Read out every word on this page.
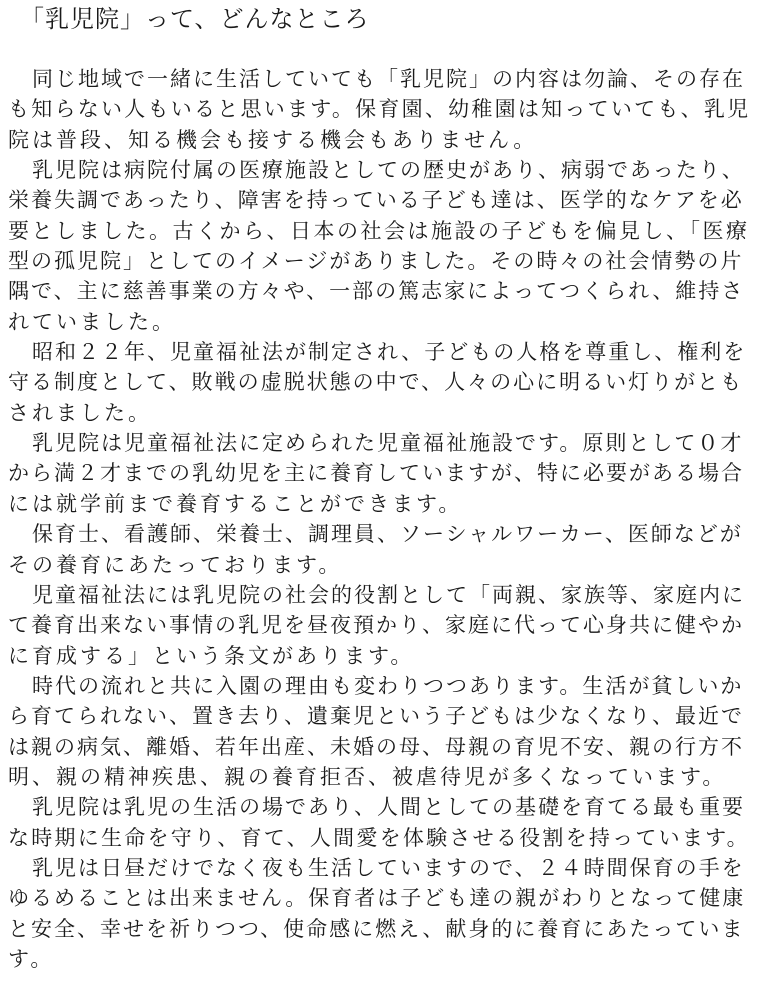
「乳児院」って、どんなところ
同じ地域で一緒に生活していても「乳児院」の内容は勿論、その存在
も知らない人もいると思います。保育園、幼稚園は知っていても、乳児
院は普段、知る機会も接する機会もありません。
乳児院は病院付属の医療施設としての歴史があり、病弱であったり、
栄養失調であったり、障害を持っている子ども達は、医学的なケアを必
要としました。古くから、日本の社会は施設の子どもを偏見し、「医療
型の孤児院」としてのイメージがありました。その時々の社会情勢の片
隅で、主に慈善事業の方々や、一部の篤志家によってつくられ、維持さ
れていました。
昭和２２年、児童福祉法が制定され、子どもの人格を尊重し、権利を
守る制度として、敗戦の虚脱状態の中で、人々の心に明るい灯りがとも
されました。
乳児院は児童福祉法に定められた児童福祉施設です。原則として０才
から満２才までの乳幼児を主に養育していますが、特に必要がある場合
には就学前まで養育することができます。
保育士、看護師、栄養士、調理員、ソーシャルワーカー、医師などが
その養育にあたっております。
児童福祉法には乳児院の社会的役割として「両親、家族等、家庭内に
て養育出来ない事情の乳児を昼夜預かり、家庭に代って心身共に健やか
に育成する」という条文があります。
時代の流れと共に入園の理由も変わりつつあります。生活が貧しいか
ら育てられない、置き去り、遺棄児という子どもは少なくなり、最近で
は親の病気、離婚、若年出産、未婚の母、母親の育児不安、親の行方不
明、親の精神疾患、親の養育拒否、被虐待児が多くなっています。
乳児院は乳児の生活の場であり、人間としての基礎を育てる最も重要
な時期に生命を守り、育て、人間愛を体験させる役割を持っています。
乳児は日昼だけでなく夜も生活していますので、２４時間保育の手を
ゆるめることは出来ません。保育者は子ども達の親がわりとなって健康
と安全、幸せを祈りつつ、使命感に燃え、献身的に養育にあたっていま
す。
